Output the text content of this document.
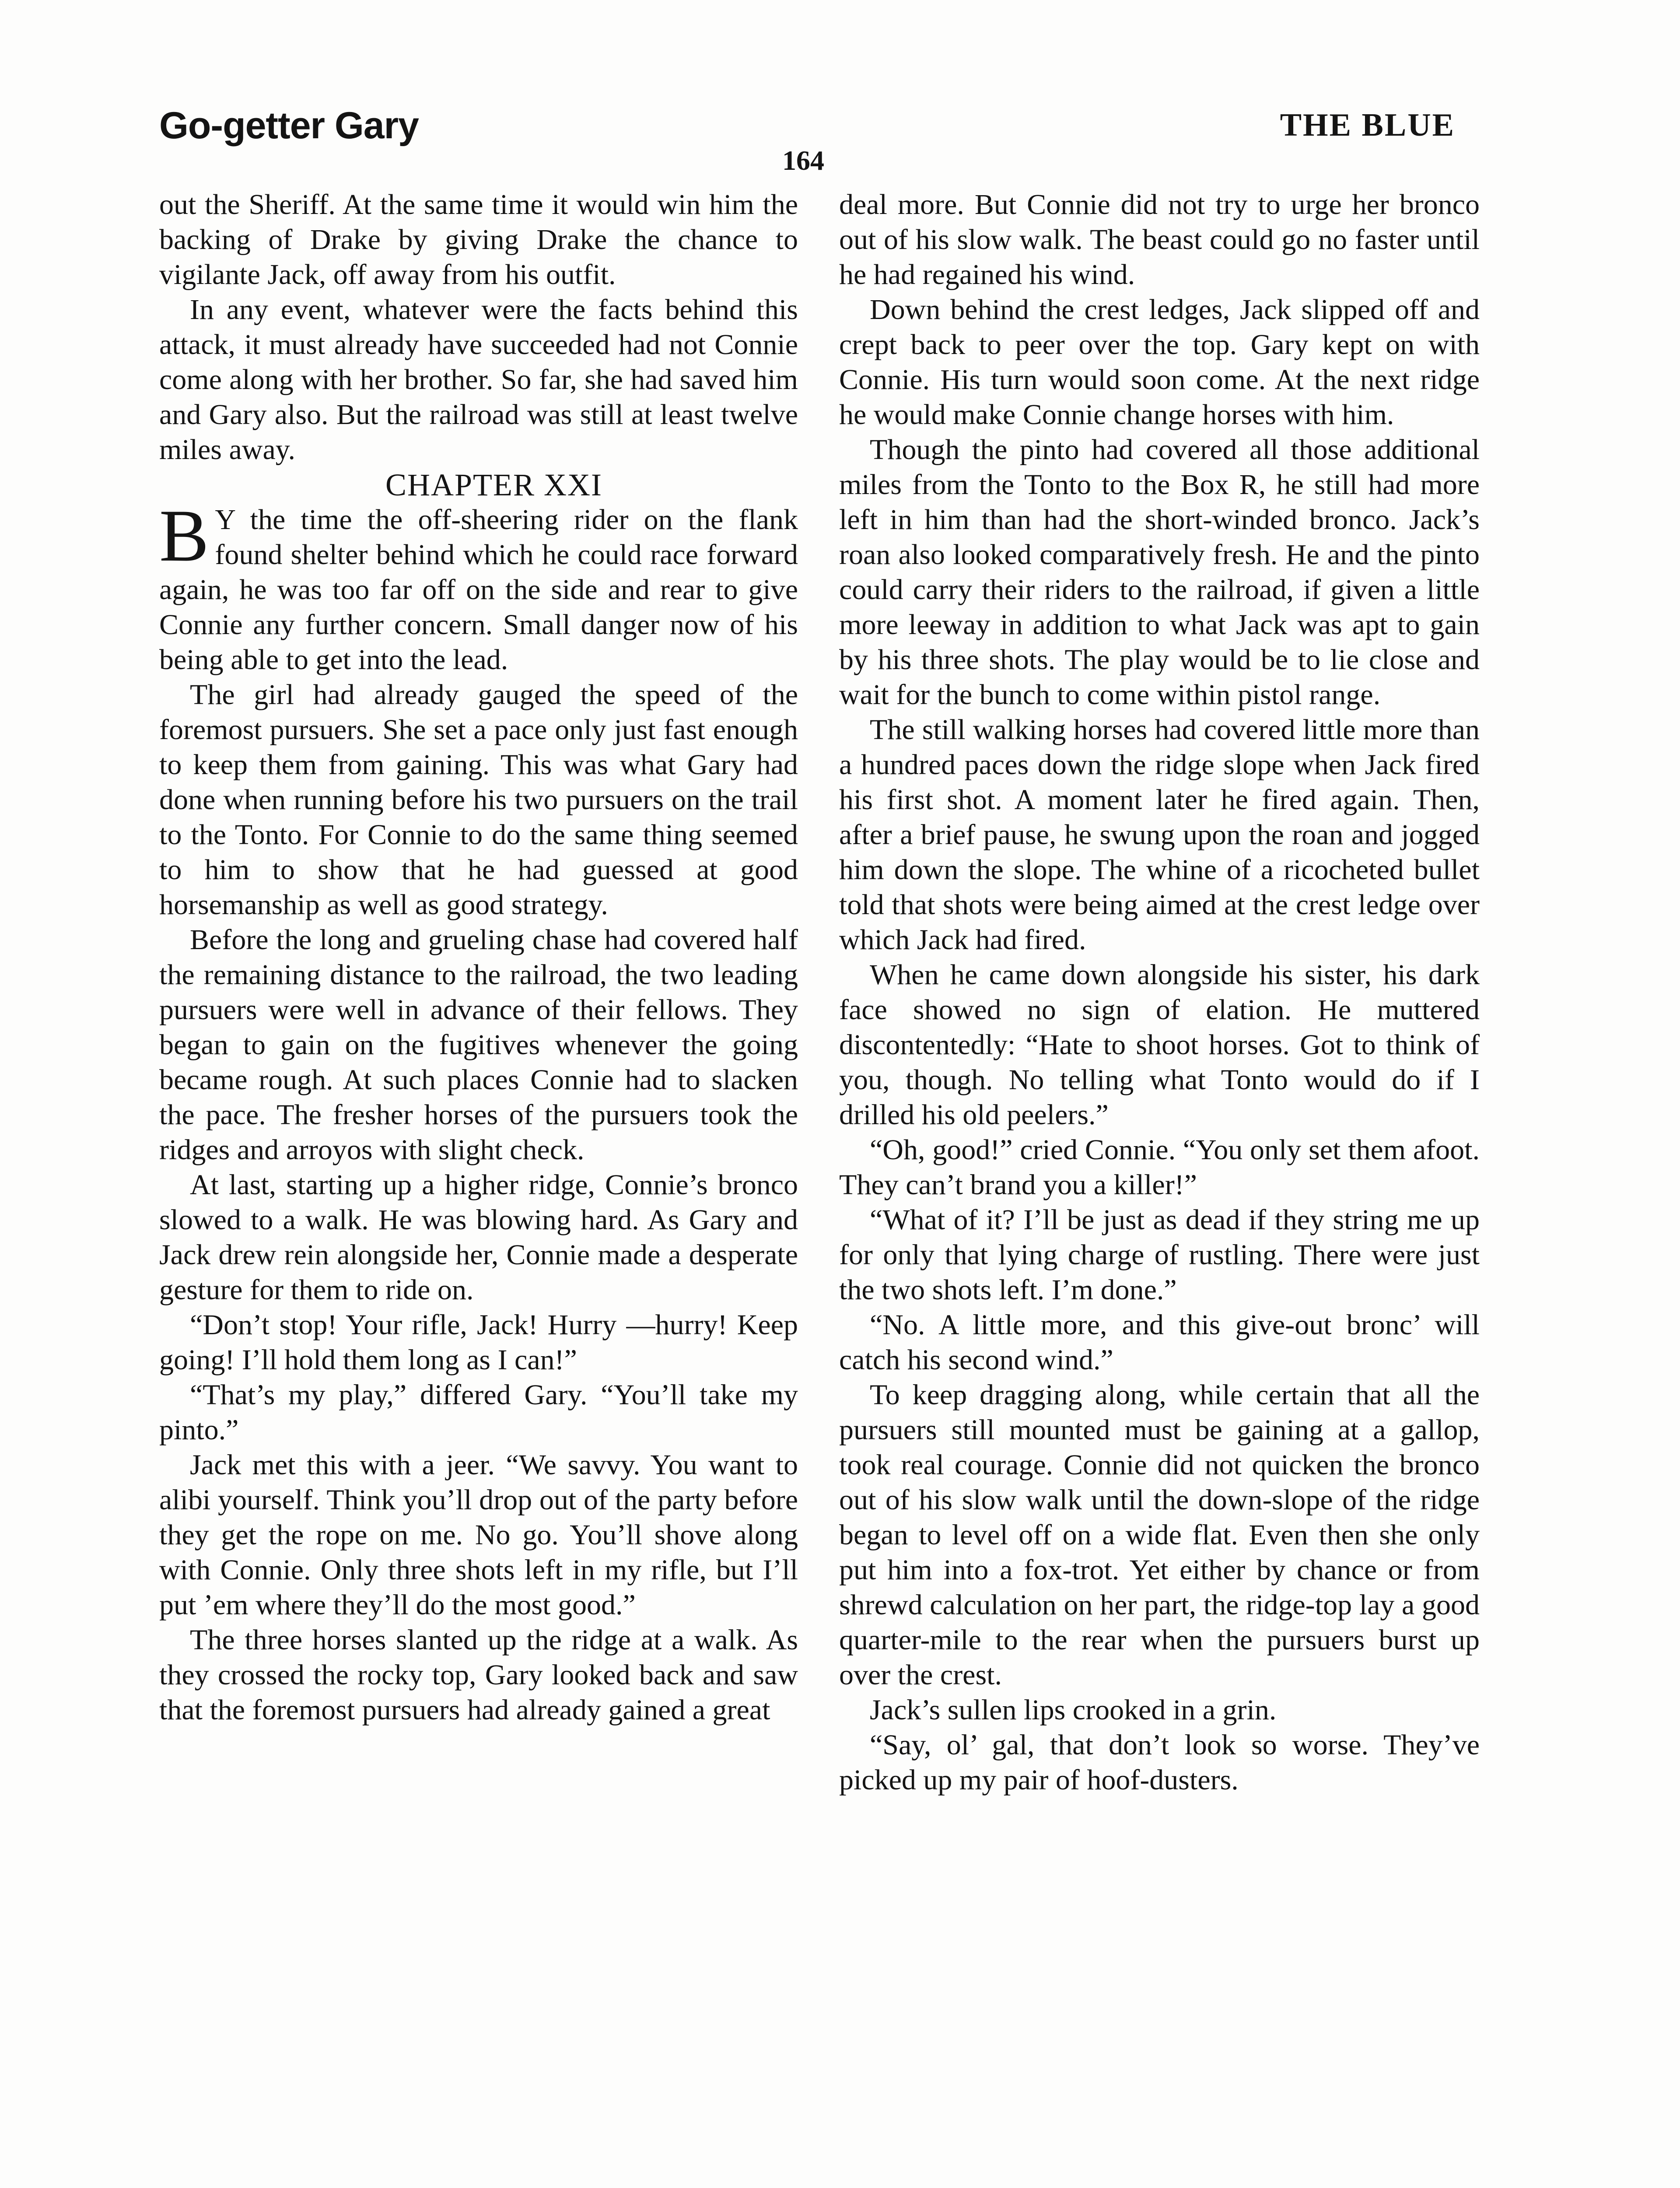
Go-getter Gary	THE BLUE
164

out the Sheriff. At the same time it would win him the backing of Drake by giving Drake the chance to vigilante Jack, off away from his outfit.

In any event, whatever were the facts behind this attack, it must already have succeeded had not Connie come along with her brother. So far, she had saved him and Gary also. But the railroad was still at least twelve miles away.

CHAPTER XXI

B Y the time the off-sheering rider on the flank found shelter behind which he could race forward again, he was too far off on the side and rear to give Connie any further concern. Small danger now of his being able to get into the lead.

The girl had already gauged the speed of the foremost pursuers. She set a pace only just fast enough to keep them from gaining. This was what Gary had done when running before his two pursuers on the trail to the Tonto. For Connie to do the same thing seemed to him to show that he had guessed at good horsemanship as well as good strategy.

Before the long and grueling chase had covered half the remaining distance to the railroad, the two leading pursuers were well in advance of their fellows. They began to gain on the fugitives whenever the going became rough. At such places Connie had to slacken the pace. The fresher horses of the pursuers took the ridges and arroyos with slight check.

At last, starting up a higher ridge, Connie’s bronco slowed to a walk. He was blowing hard. As Gary and Jack drew rein alongside her, Connie made a desperate gesture for them to ride on.

“Don’t stop! Your rifle, Jack! Hurry —hurry! Keep going! I’ll hold them long as I can!”

“That’s my play,” differed Gary. “You’ll take my pinto.”

Jack met this with a jeer. “We savvy. You want to alibi yourself. Think you’ll drop out of the party before they get the rope on me. No go. You’ll shove along with Connie. Only three shots left in my rifle, but I’ll put ’em where they’ll do the most good.”

The three horses slanted up the ridge at a walk. As they crossed the rocky top, Gary looked back and saw that the foremost pursuers had already gained a great

deal more. But Connie did not try to urge her bronco out of his slow walk. The beast could go no faster until he had regained his wind.

Down behind the crest ledges, Jack slipped off and crept back to peer over the top. Gary kept on with Connie. His turn would soon come. At the next ridge he would make Connie change horses with him.

Though the pinto had covered all those additional miles from the Tonto to the Box R, he still had more left in him than had the short-winded bronco. Jack’s roan also looked comparatively fresh. He and the pinto could carry their riders to the railroad, if given a little more leeway in addition to what Jack was apt to gain by his three shots. The play would be to lie close and wait for the bunch to come within pistol range.

The still walking horses had covered little more than a hundred paces down the ridge slope when Jack fired his first shot. A moment later he fired again. Then, after a brief pause, he swung upon the roan and jogged him down the slope. The whine of a ricocheted bullet told that shots were being aimed at the crest ledge over which Jack had fired.

When he came down alongside his sister, his dark face showed no sign of elation. He muttered discontentedly: “Hate to shoot horses. Got to think of you, though. No telling what Tonto would do if I drilled his old peelers.”

“Oh, good!” cried Connie. “You only set them afoot. They can’t brand you a killer!”

“What of it? I’ll be just as dead if they string me up for only that lying charge of rustling. There were just the two shots left. I’m done.”

“No. A little more, and this give-out bronc’ will catch his second wind.”

To keep dragging along, while certain that all the pursuers still mounted must be gaining at a gallop, took real courage. Connie did not quicken the bronco out of his slow walk until the down-slope of the ridge began to level off on a wide flat. Even then she only put him into a fox-trot. Yet either by chance or from shrewd calculation on her part, the ridge-top lay a good quarter-mile to the rear when the pursuers burst up over the crest.

Jack’s sullen lips crooked in a grin.

“Say, ol’ gal, that don’t look so worse. They’ve picked up my pair of hoof-dusters.
